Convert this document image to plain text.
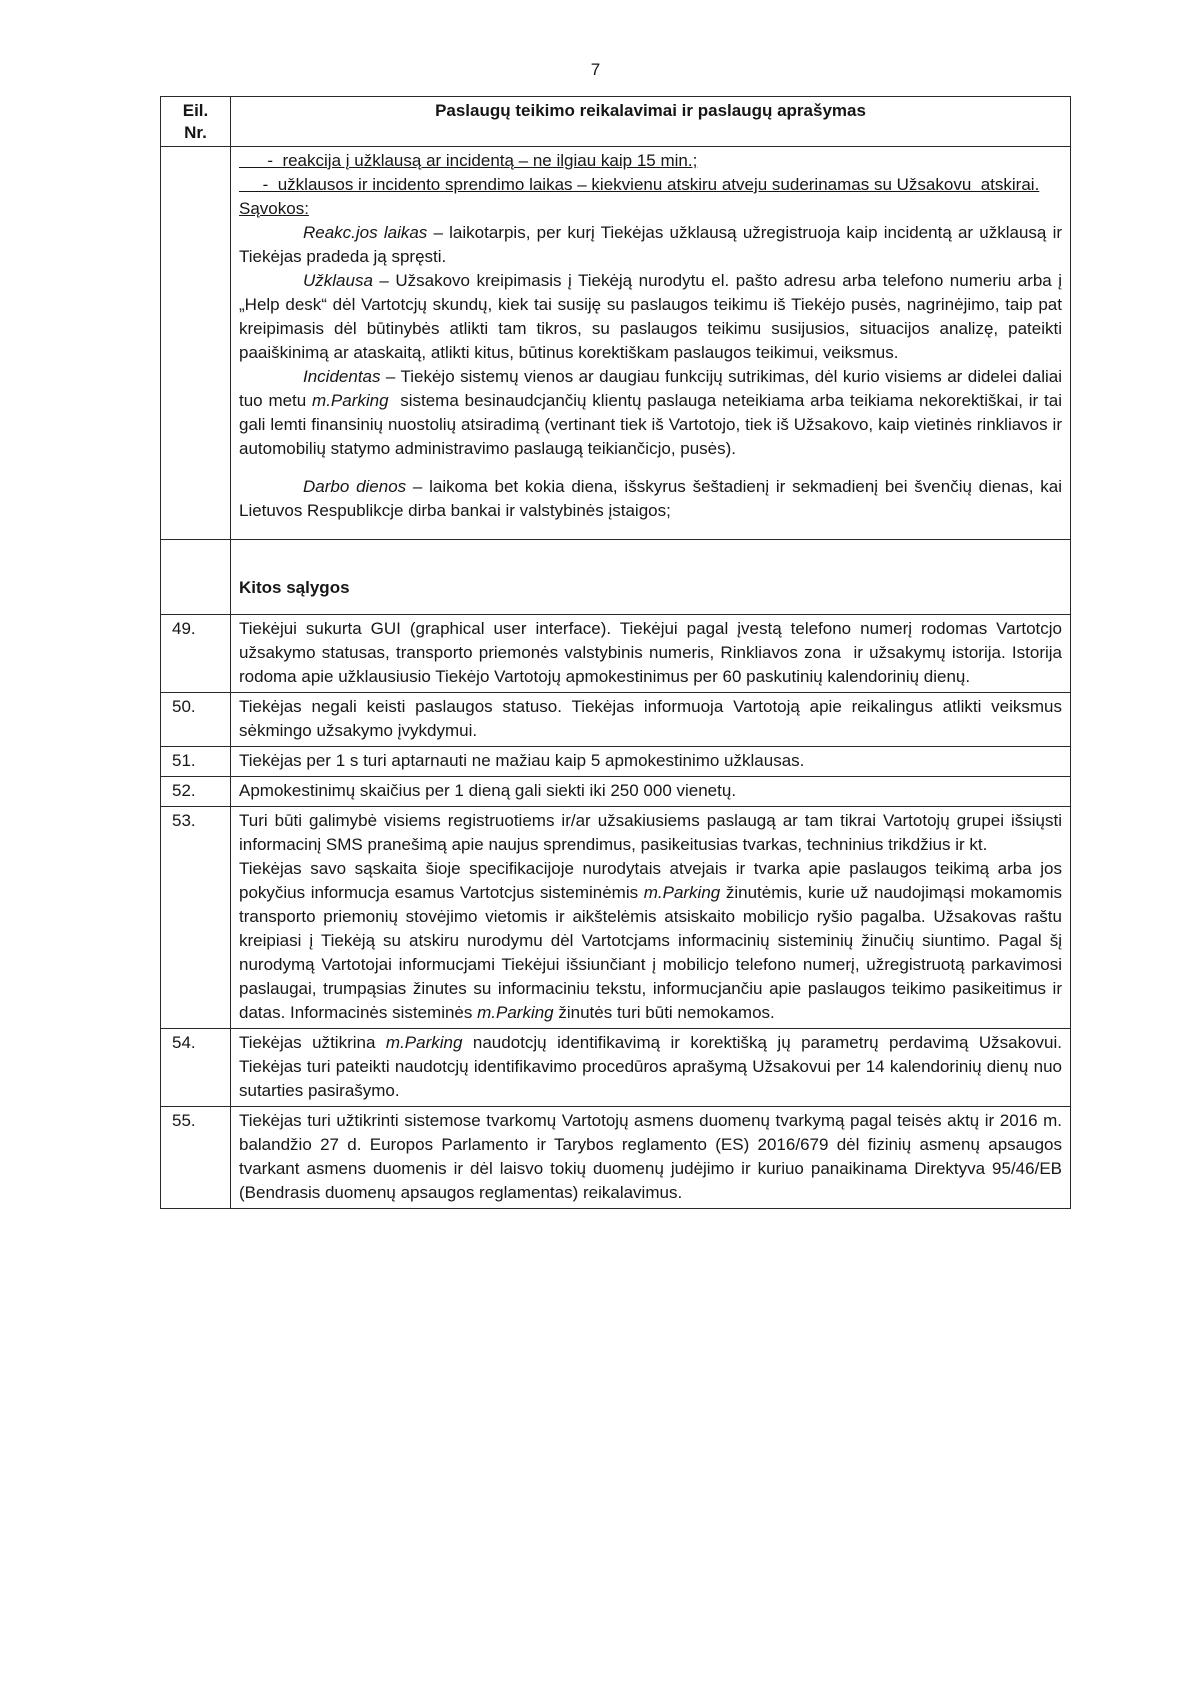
7
Eil.
Nr.	Paslaugų teikimo reikalavimai ir paslaugų aprašymas

-  reakcija į užklausą ar incidentą – ne ilgiau kaip 15 min.;

-  užklausos ir incidento sprendimo laikas – kiekvienu atskiru atveju suderinamas su Užsakovu  atskirai.

Sąvokos:

Reakc.jos laikas – laikotarpis, per kurį Tiekėjas užklausą užregistruoja kaip incidentą ar užklausą ir Tiekėjas pradeda ją spręsti.

Užklausa – Užsakovo kreipimasis į Tiekėją nurodytu el. pašto adresu arba telefono numeriu arba į „Help desk“ dėl Vartotcjų skundų, kiek tai susiję su paslaugos teikimu iš Tiekėjo pusės, nagrinėjimo, taip pat kreipimasis dėl būtinybės atlikti tam tikros, su paslaugos teikimu susijusios, situacijos analizę, pateikti paaiškinimą ar ataskaitą, atlikti kitus, būtinus korektiškam paslaugos teikimui, veiksmus.

Incidentas – Tiekėjo sistemų vienos ar daugiau funkcijų sutrikimas, dėl kurio visiems ar didelei daliai tuo metu m.Parking  sistema besinaudcjančių klientų paslauga neteikiama arba teikiama nekorektiškai, ir tai gali lemti finansinių nuostolių atsiradimą (vertinant tiek iš Vartotojo, tiek iš Užsakovo, kaip vietinės rinkliavos ir automobilių statymo administravimo paslaugą teikiančicjo, pusės).

Darbo dienos – laikoma bet kokia diena, išskyrus šeštadienį ir sekmadienį bei švenčių dienas, kai Lietuvos Respublikcje dirba bankai ir valstybinės įstaigos;

	Kitos sąlygos

49.	Tiekėjui sukurta GUI (graphical user interface). Tiekėjui pagal įvestą telefono numerį rodomas Vartotcjo užsakymo statusas, transporto priemonės valstybinis numeris, Rinkliavos zona  ir užsakymų istorija. Istorija rodoma apie užklausiusio Tiekėjo Vartotojų apmokestinimus per 60 paskutinių kalendorinių dienų.

50.	Tiekėjas negali keisti paslaugos statuso. Tiekėjas informuoja Vartotoją apie reikalingus atlikti veiksmus sėkmingo užsakymo įvykdymui.

51.	Tiekėjas per 1 s turi aptarnauti ne mažiau kaip 5 apmokestinimo užklausas.

52.	Apmokestinimų skaičius per 1 dieną gali siekti iki 250 000 vienetų.

53.	Turi būti galimybė visiems registruotiems ir/ar užsakiusiems paslaugą ar tam tikrai Vartotojų grupei išsiųsti informacinį SMS pranešimą apie naujus sprendimus, pasikeitusias tvarkas, techninius trikdžius ir kt.

Tiekėjas savo sąskaita šioje specifikacijoje nurodytais atvejais ir tvarka apie paslaugos teikimą arba jos pokyčius informucja esamus Vartotcjus sisteminėmis m.Parking žinutėmis, kurie už naudojimąsi mokamomis transporto priemonių stovėjimo vietomis ir aikštelėmis atsiskaito mobilicjo ryšio pagalba. Užsakovas raštu kreipiasi į Tiekėją su atskiru nurodymu dėl Vartotcjams informacinių sisteminių žinučių siuntimo. Pagal šį nurodymą Vartotojai informucjami Tiekėjui išsiunčiant į mobilicjo telefono numerį, užregistruotą parkavimosi paslaugai, trumpąsias žinutes su informaciniu tekstu, informucjančiu apie paslaugos teikimo pasikeitimus ir datas. Informacinės sisteminės m.Parking žinutės turi būti nemokamos.

54.	Tiekėjas užtikrina m.Parking naudotcjų identifikavimą ir korektišką jų parametrų perdavimą Užsakovui. Tiekėjas turi pateikti naudotcjų identifikavimo procedūros aprašymą Užsakovui per 14 kalendorinių dienų nuo sutarties pasirašymo.

55.	Tiekėjas turi užtikrinti sistemose tvarkomų Vartotojų asmens duomenų tvarkymą pagal teisės aktų ir 2016 m. balandžio 27 d. Europos Parlamento ir Tarybos reglamento (ES) 2016/679 dėl fizinių asmenų apsaugos tvarkant asmens duomenis ir dėl laisvo tokių duomenų judėjimo ir kuriuo panaikinama Direktyva 95/46/EB (Bendrasis duomenų apsaugos reglamentas) reikalavimus.
